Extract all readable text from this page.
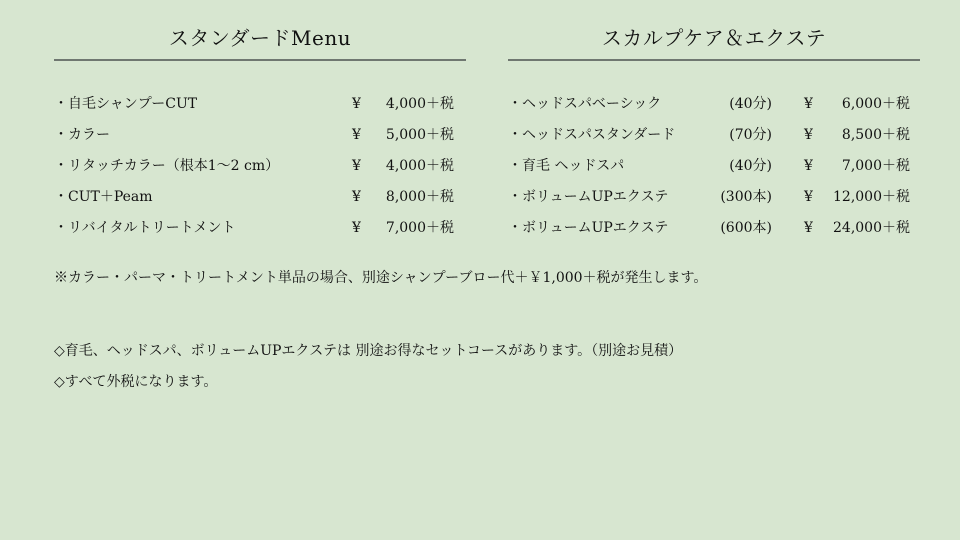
スタンダードMenu
・自毛シャンプーCUT	¥ 4,000＋税
・カラー	¥ 5,000＋税
・リタッチカラー（根本1～2 cm）	¥ 4,000＋税
・CUT＋Peam	¥ 8,000＋税
・リバイタルトリートメント	¥ 7,000＋税
スカルプケア＆エクステ
・ヘッドスパベーシック	(40分) ¥ 6,000＋税
・ヘッドスパスタンダード	(70分) ¥ 8,500＋税
・育毛 ヘッドスパ	(40分) ¥ 7,000＋税
・ボリュームUPエクステ	(300本) ¥ 12,000＋税
・ボリュームUPエクステ	(600本) ¥ 24,000＋税
※カラー・パーマ・トリートメント単品の場合、別途シャンプーブロー代＋￥1,000＋税が発生します。
◇育毛、ヘッドスパ、ボリュームUPエクステは 別途お得なセットコースがあります。（別途お見積）
◇すべて外税になります。
